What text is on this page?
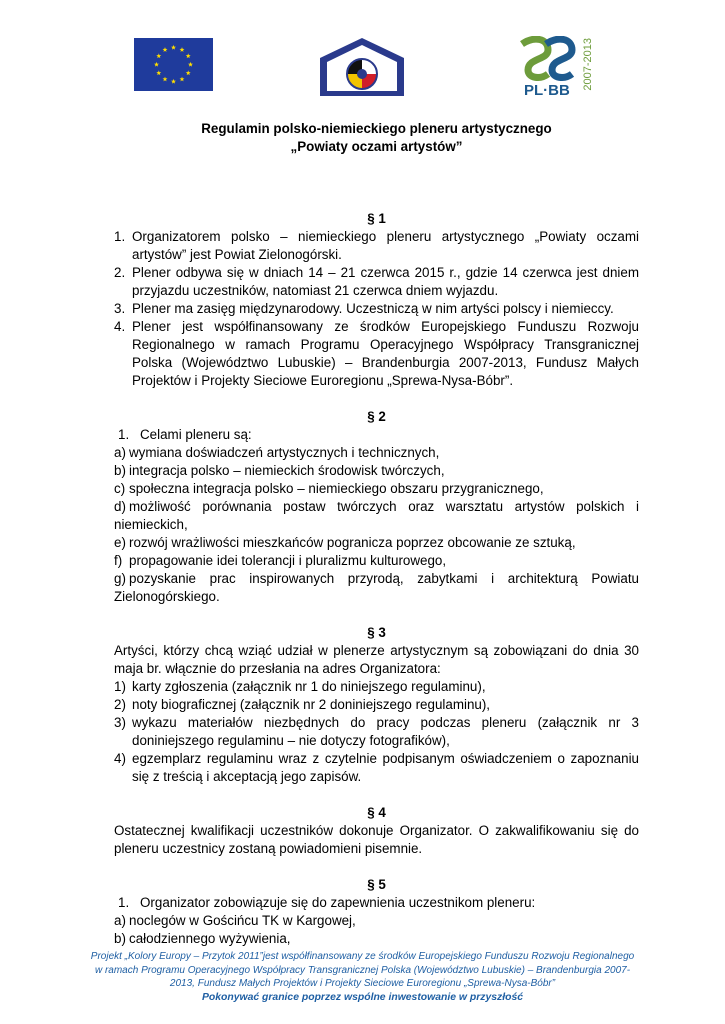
PL·BB 2007-2013

Regulamin polsko-niemieckiego pleneru artystycznego

„Powiaty oczami artystów”

§ 1

1. Organizatorem polsko – niemieckiego pleneru artystycznego „Powiaty oczami artystów” jest Powiat Zielonogórski.
2. Plener odbywa się w dniach 14 – 21 czerwca 2015 r., gdzie 14 czerwca jest dniem przyjazdu uczestników, natomiast 21 czerwca dniem wyjazdu.
3. Plener ma zasięg międzynarodowy. Uczestniczą w nim artyści polscy i niemieccy.
4. Plener jest współfinansowany ze środków Europejskiego Funduszu Rozwoju Regionalnego w ramach Programu Operacyjnego Współpracy Transgranicznej Polska (Województwo Lubuskie) – Brandenburgia 2007-2013, Fundusz Małych Projektów i Projekty Sieciowe Euroregionu „Sprewa-Nysa-Bóbr”.

§ 2

1. Celami pleneru są:
a) wymiana doświadczeń artystycznych i technicznych,
b) integracja polsko – niemieckich środowisk twórczych,
c) społeczna integracja polsko – niemieckiego obszaru przygranicznego,
d) możliwość porównania postaw twórczych oraz warsztatu artystów polskich i niemieckich,
e) rozwój wrażliwości mieszkańców pogranicza poprzez obcowanie ze sztuką,
f) propagowanie idei tolerancji i pluralizmu kulturowego,
g) pozyskanie prac inspirowanych przyrodą, zabytkami i architekturą Powiatu Zielonogórskiego.

§ 3

Artyści, którzy chcą wziąć udział w plenerze artystycznym są zobowiązani do dnia 30 maja br. włącznie do przesłania na adres Organizatora:

1) karty zgłoszenia (załącznik nr 1 do niniejszego regulaminu),
2) noty biograficznej (załącznik nr 2 doniniejszego regulaminu),
3) wykazu materiałów niezbędnych do pracy podczas pleneru (załącznik nr 3 doniniejszego regulaminu – nie dotyczy fotografików),
4) egzemplarz regulaminu wraz z czytelnie podpisanym oświadczeniem o zapoznaniu się z treścią i akceptacją jego zapisów.

§ 4

Ostatecznej kwalifikacji uczestników dokonuje Organizator. O zakwalifikowaniu się do pleneru uczestnicy zostaną powiadomieni pisemnie.

§ 5

1. Organizator zobowiązuje się do zapewnienia uczestnikom pleneru:
a) noclegów w Gościńcu TK w Kargowej,
b) całodziennego wyżywienia,
Projekt „Kolory Europy – Przytok 2011”jest współfinansowany ze środków Europejskiego Funduszu Rozwoju Regionalnego
w ramach Programu Operacyjnego Współpracy Transgranicznej Polska (Województwo Lubuskie) – Brandenburgia 2007-
2013, Fundusz Małych Projektów i Projekty Sieciowe Euroregionu „Sprewa-Nysa-Bóbr”
Pokonywać granice poprzez wspólne inwestowanie w przyszłość
